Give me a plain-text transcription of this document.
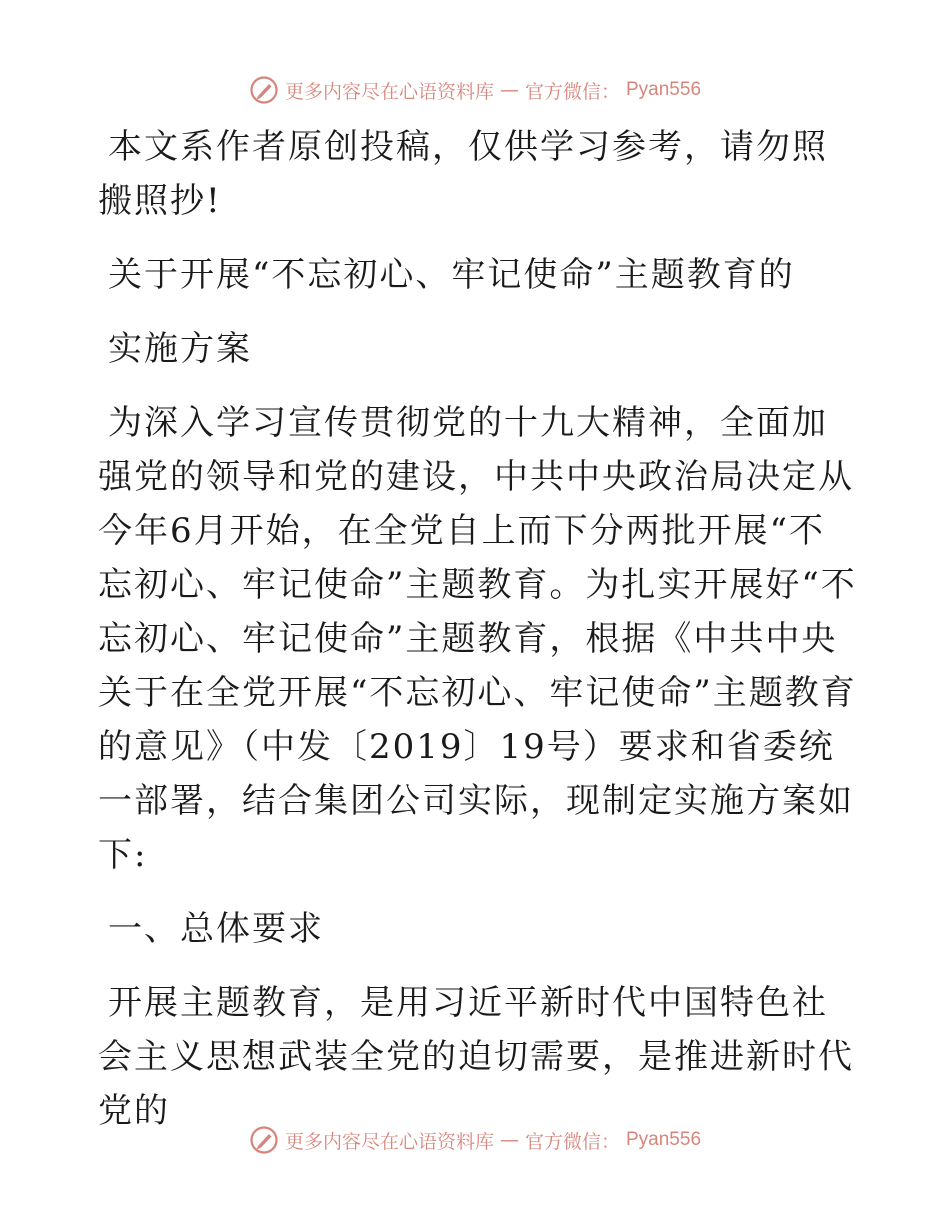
更多内容尽在心语资料库 — 官方微信： Pyan556

本文系作者原创投稿，仅供学习参考，请勿照搬照抄!

关于开展“不忘初心、牢记使命”主题教育的

实施方案

为深入学习宣传贯彻党的十九大精神，全面加强党的领导和党的建设，中共中央政治局决定从今年6月开始，在全党自上而下分两批开展“不忘初心、牢记使命”主题教育。为扎实开展好“不忘初心、牢记使命”主题教育，根据《中共中央关于在全党开展“不忘初心、牢记使命”主题教育的意见》（中发〔2019〕19号）要求和省委统一部署，结合集团公司实际，现制定实施方案如下:

一、总体要求

开展主题教育，是用习近平新时代中国特色社会主义思想武装全党的迫切需要，是推进新时代党的

更多内容尽在心语资料库 — 官方微信： Pyan556
